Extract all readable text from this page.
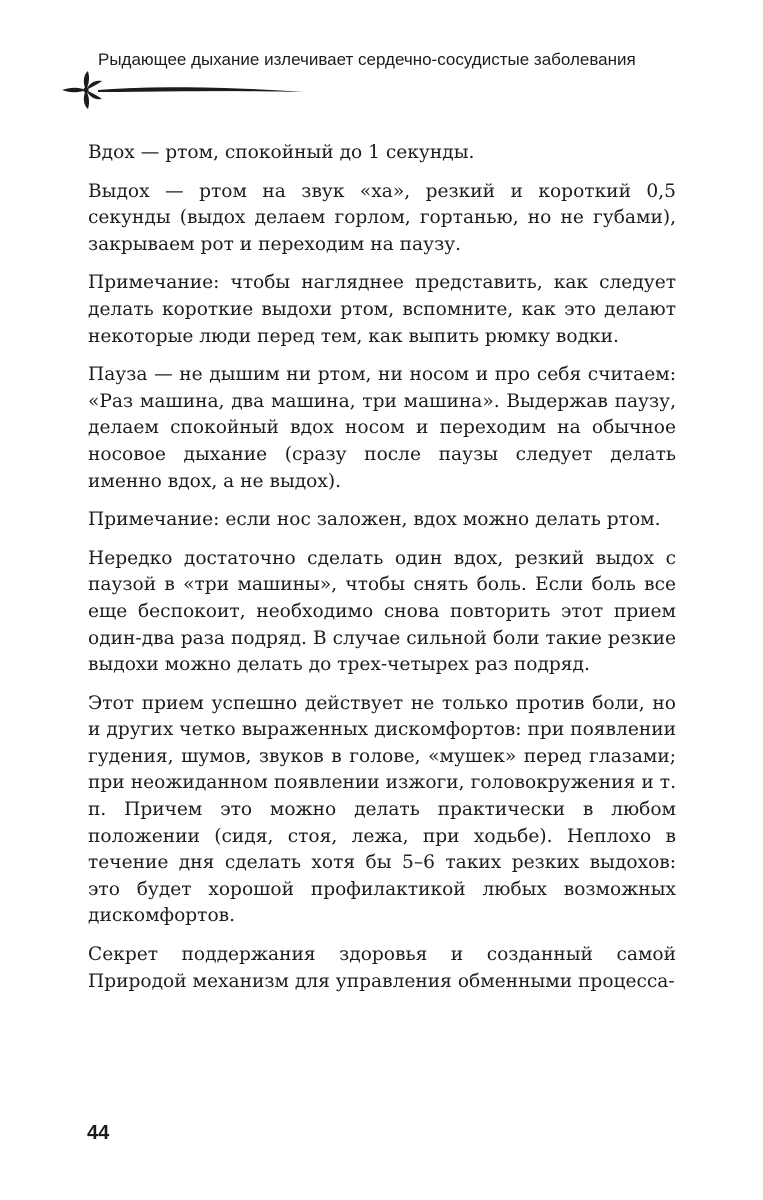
Рыдающее дыхание излечивает сердечно-сосудистые заболевания

Вдох — ртом, спокойный до 1 секунды.

Выдох — ртом на звук «ха», резкий и короткий 0,5 секунды (выдох делаем горлом, гортанью, но не губами), закрываем рот и переходим на паузу.

Примечание: чтобы нагляднее представить, как следует делать короткие выдохи ртом, вспомните, как это делают некоторые люди перед тем, как выпить рюмку водки.

Пауза — не дышим ни ртом, ни носом и про себя считаем: «Раз машина, два машина, три машина». Выдержав паузу, делаем спокойный вдох носом и переходим на обычное носовое дыхание (сразу после паузы следует делать именно вдох, а не выдох).

Примечание: если нос заложен, вдох можно делать ртом.

Нередко достаточно сделать один вдох, резкий выдох с паузой в «три машины», чтобы снять боль. Если боль все еще беспокоит, необходимо снова повторить этот прием один-два раза подряд. В случае сильной боли такие резкие выдохи можно делать до трех-четырех раз подряд.

Этот прием успешно действует не только против боли, но и других четко выраженных дискомфортов: при появлении гудения, шумов, звуков в голове, «мушек» перед глазами; при неожиданном появлении изжоги, головокружения и т. п. Причем это можно делать практически в любом положении (сидя, стоя, лежа, при ходьбе). Неплохо в течение дня сделать хотя бы 5–6 таких резких выдохов: это будет хорошой профилактикой любых возможных дискомфортов.

Секрет поддержания здоровья и созданный самой Природой механизм для управления обменными процесса-

44
